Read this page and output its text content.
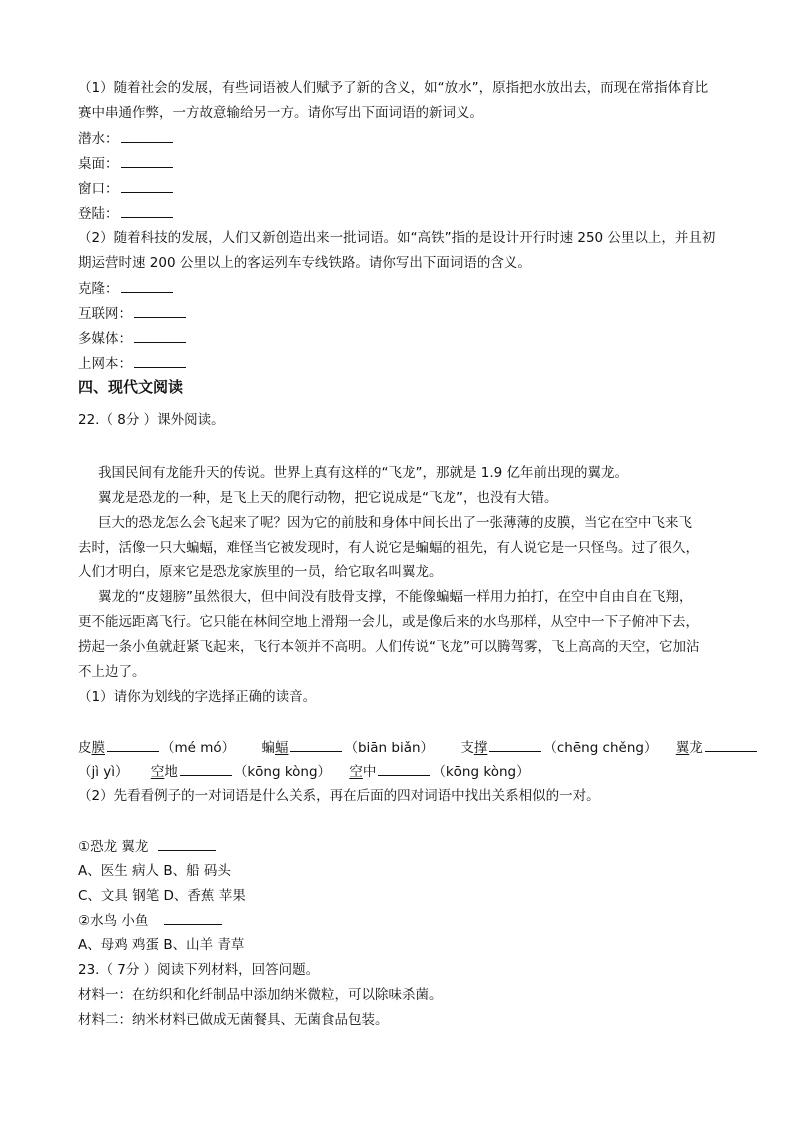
（1）随着社会的发展，有些词语被人们赋予了新的含义，如“放水”，原指把水放出去，而现在常指体育比
赛中串通作弊，一方故意输给另一方。请你写出下面词语的新词义。
潜水：
桌面：
窗口：
登陆：
（2）随着科技的发展，人们又新创造出来一批词语。如“高铁”指的是设计开行时速 250 公里以上，并且初
期运营时速 200 公里以上的客运列车专线铁路。请你写出下面词语的含义。
克隆：
互联网：
多媒体：
上网本：
四、现代文阅读
22.（ 8分 ）课外阅读。
我国民间有龙能升天的传说。世界上真有这样的“飞龙”，那就是 1.9 亿年前出现的翼龙。
翼龙是恐龙的一种，是飞上天的爬行动物，把它说成是“飞龙”，也没有大错。
巨大的恐龙怎么会飞起来了呢？因为它的前肢和身体中间长出了一张薄薄的皮膜，当它在空中飞来飞
去时，活像一只大蝙蝠，难怪当它被发现时，有人说它是蝙蝠的祖先，有人说它是一只怪鸟。过了很久，
人们才明白，原来它是恐龙家族里的一员，给它取名叫翼龙。
翼龙的“皮翅膀”虽然很大，但中间没有肢骨支撑，不能像蝙蝠一样用力拍打，在空中自由自在飞翔，
更不能远距离飞行。它只能在林间空地上滑翔一会儿，或是像后来的水鸟那样，从空中一下子俯冲下去，
捞起一条小鱼就赶紧飞起来，飞行本领并不高明。人们传说“飞龙”可以腾驾雾，飞上高高的天空，它加沾
不上边了。
（1）请你为划线的字选择正确的读音。
皮膜	（mé mó） 蝙蝠	（biān biǎn） 支撑	（chēng chěng） 翼龙
（jì yì） 空地	（kōng kòng） 空中	（kōng kòng）
（2）先看看例子的一对词语是什么关系，再在后面的四对词语中找出关系相似的一对。
①恐龙 翼龙
A、医生 病人 B、船 码头
C、文具 钢笔 D、香蕉 苹果
②水鸟 小鱼
A、母鸡 鸡蛋 B、山羊 青草
23.（ 7分 ）阅读下列材料，回答问题。
材料一：在纺织和化纤制品中添加纳米微粒，可以除味杀菌。
材料二：纳米材料已做成无菌餐具、无菌食品包装。
